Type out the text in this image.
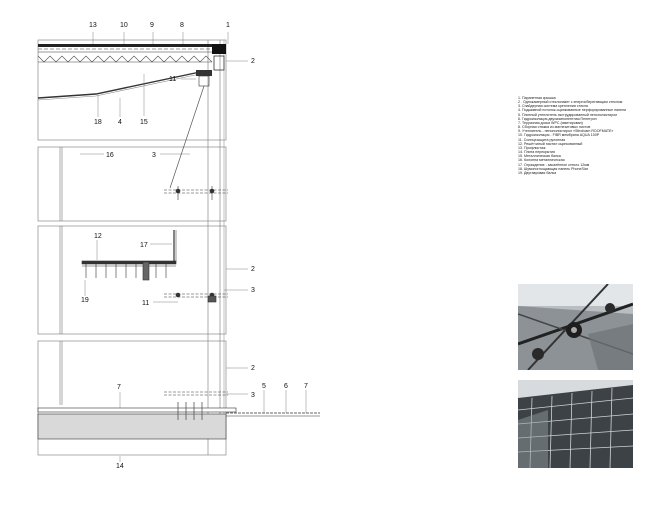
13	10	9	8	1
2
11
18 4	15
16	3
12
17
2
3
19	11
2
7	5	6 7
3
14
1. Парапетная крышка
2 . Однокамерный стеклопакет с энергосберегающим стеклом
3. Спайдерная система крепления стекла
4. Подшивной потолок-оцинкованные перфорированные панели
5. Плитный утеплитель экструдированный пенополистирол
6. Гидроизоляция двухкомпонентная Пенетрон
7. Терразная доска WPC (имитирован)
8. Сборная стяжка из магнезитовых листов
9. Утеплитель - пенополистирол «Stirofoam ROOFMATE»
10. Гидроизоляция - FIBR мембрана AQUA 100P
11. Солнцезащита рулонная
12. Решётчатый настил оцинкованный
13. Профлистаж
14. Плита перекрытия
15. Металлическая балка
16. Колонна металлическая
17. Ограждение - закалённое стекло 12мм
18. Шумопоглощающая панель PhoneSlar
19. Двутавровая балка
